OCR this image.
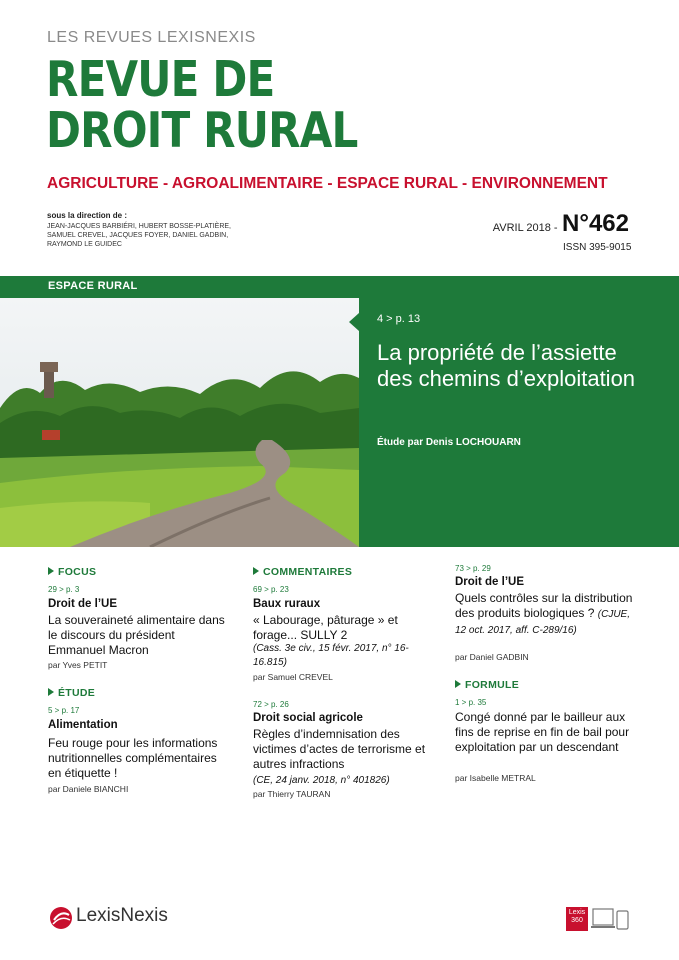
LES REVUES LEXISNEXIS
REVUE DE
DROIT RURAL
AGRICULTURE - AGROALIMENTAIRE - ESPACE RURAL - ENVIRONNEMENT
sous la direction de :
JEAN-JACQUES BARBIÉRI, HUBERT BOSSE-PLATIÈRE, SAMUEL CREVEL, JACQUES FOYER, DANIEL GADBIN, RAYMOND LE GUIDEC
AVRIL 2018 - N°462
ISSN 395-9015
ESPACE RURAL
4 > p. 13
La propriété de l’assiette des chemins d’exploitation
Étude par Denis LOCHOUARN
FOCUS
29 > p. 3
Droit de l’UE
La souveraineté alimentaire dans le discours du président Emmanuel Macron
par Yves PETIT
ÉTUDE
5 > p. 17
Alimentation
Feu rouge pour les informations nutritionnelles complémentaires en étiquette !
par Daniele BIANCHI
COMMENTAIRES
69 > p. 23
Baux ruraux
« Labourage, pâturage » et forage... SULLY 2
(Cass. 3e civ., 15 févr. 2017, n° 16-16.815)
par Samuel CREVEL
72 > p. 26
Droit social agricole
Règles d’indemnisation des victimes d’actes de terrorisme et autres infractions
(CE, 24 janv. 2018, n° 401826)
par Thierry TAURAN
73 > p. 29
Droit de l’UE
Quels contrôles sur la distribution des produits biologiques ? (CJUE, 12 oct. 2017, aff. C-289/16)
par Daniel GADBIN
FORMULE
1 > p. 35
Congé donné par le bailleur aux fins de reprise en fin de bail pour exploitation par un descendant
par Isabelle METRAL
LexisNexis	Lexis 360
